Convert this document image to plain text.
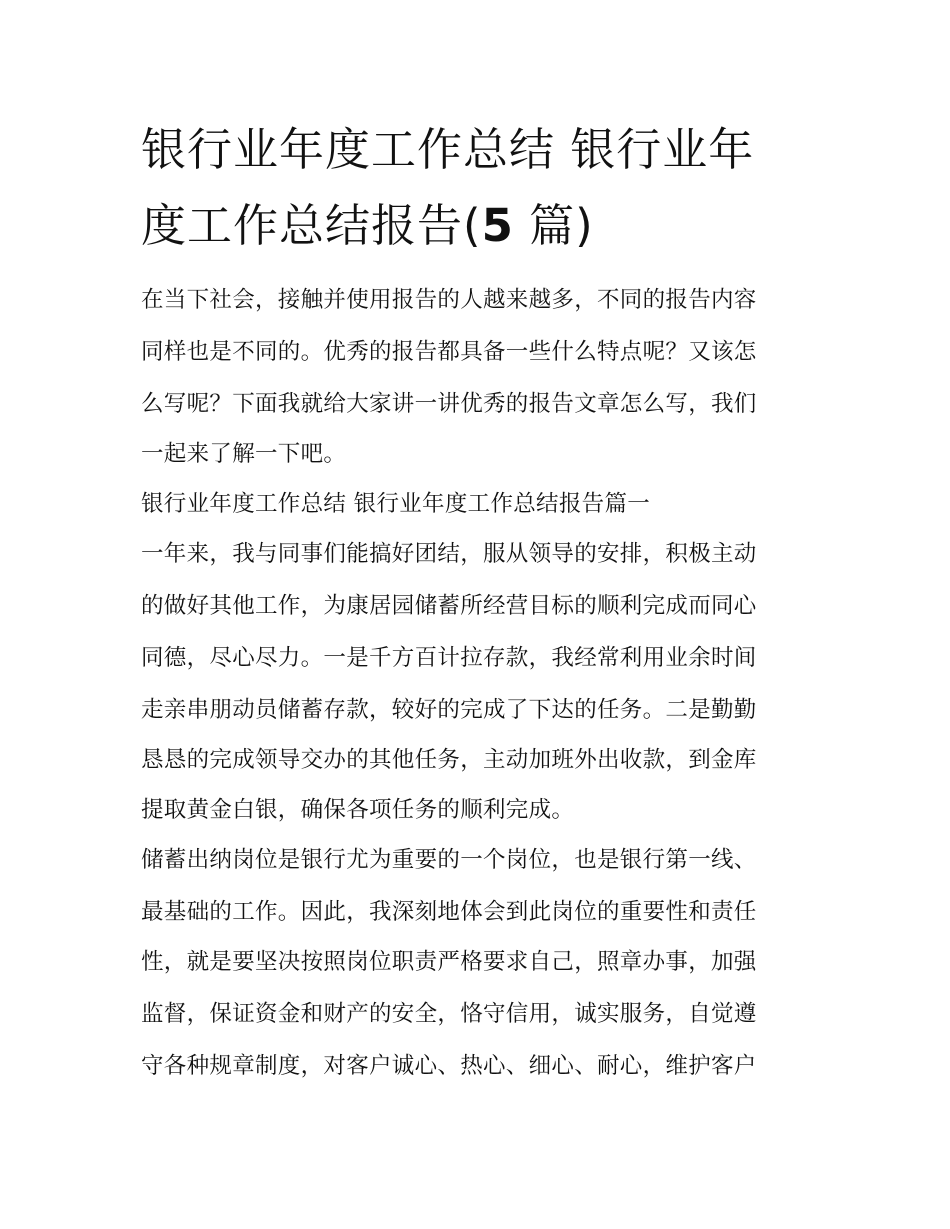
银行业年度工作总结 银行业年
度工作总结报告(5 篇)

在当下社会，接触并使用报告的人越来越多，不同的报告内容

同样也是不同的。优秀的报告都具备一些什么特点呢？又该怎

么写呢？下面我就给大家讲一讲优秀的报告文章怎么写，我们

一起来了解一下吧。

银行业年度工作总结 银行业年度工作总结报告篇一

一年来，我与同事们能搞好团结，服从领导的安排，积极主动

的做好其他工作，为康居园储蓄所经营目标的顺利完成而同心

同德，尽心尽力。一是千方百计拉存款，我经常利用业余时间

走亲串朋动员储蓄存款，较好的完成了下达的任务。二是勤勤

恳恳的完成领导交办的其他任务，主动加班外出收款，到金库

提取黄金白银，确保各项任务的顺利完成。

储蓄出纳岗位是银行尤为重要的一个岗位，也是银行第一线、

最基础的工作。因此，我深刻地体会到此岗位的重要性和责任

性，就是要坚决按照岗位职责严格要求自己，照章办事，加强

监督，保证资金和财产的安全，恪守信用，诚实服务，自觉遵

守各种规章制度，对客户诚心、热心、细心、耐心，维护客户
